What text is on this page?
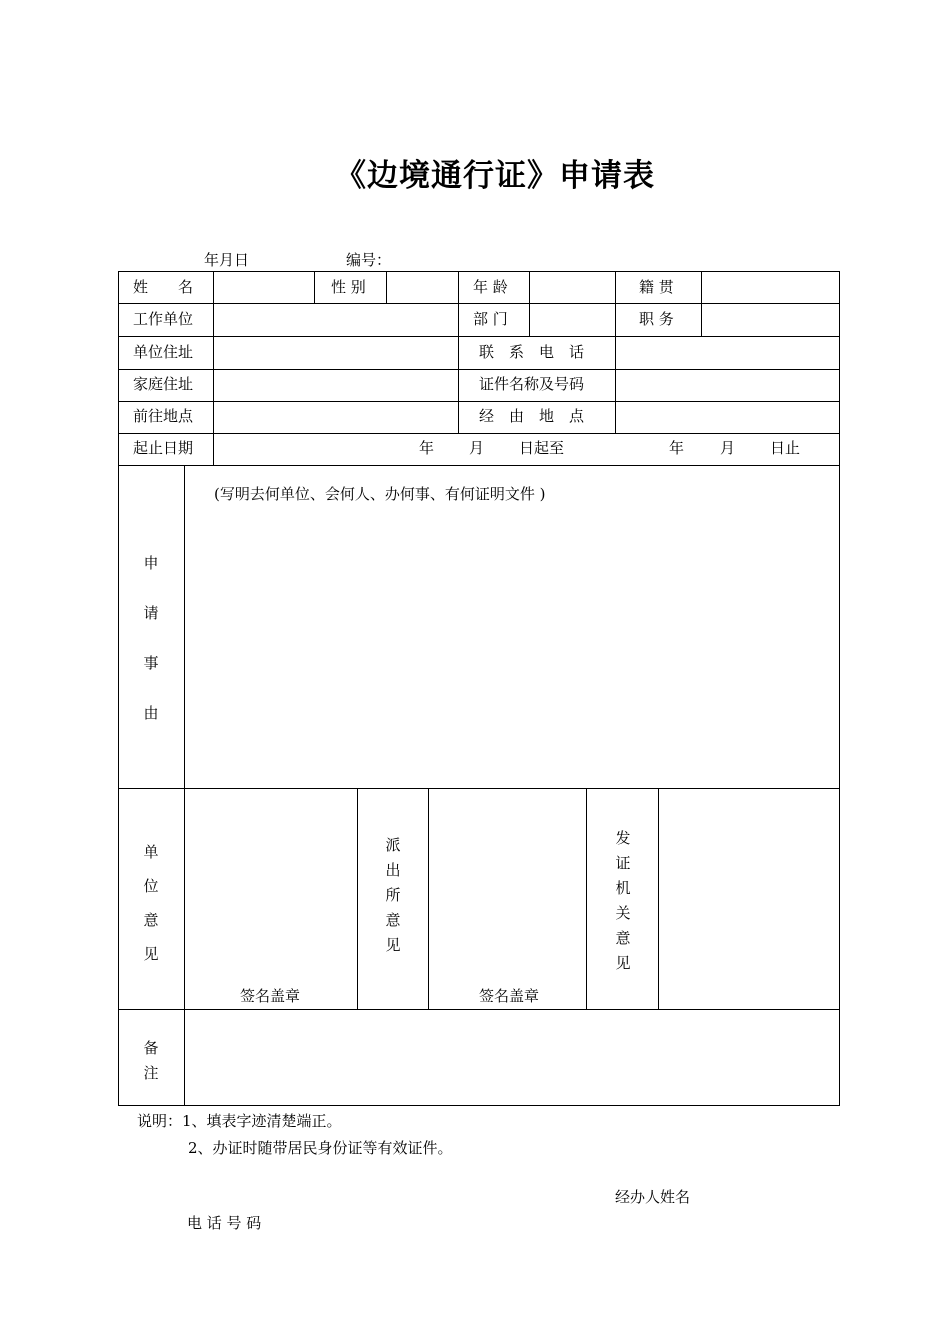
《边境通行证》申请表
年月日	编号：
姓　　名	性 别	年 龄	籍 贯
工作单位	部 门	职 务
单位住址	联　系　电　话
家庭住址	证件名称及号码
前往地点	经　由　地　点
起止日期	年 月 日起至	年 月 日止
申
请
事
由
(写明去何单位、会何人、办何事、有何证明文件 )
单
位
意
见
签名盖章
派
出
所
意
见
签名盖章
发
证
机
关
意
见
备
注
说明：1、填表字迹清楚端正。
2、办证时随带居民身份证等有效证件。
经办人姓名
电 话 号 码
